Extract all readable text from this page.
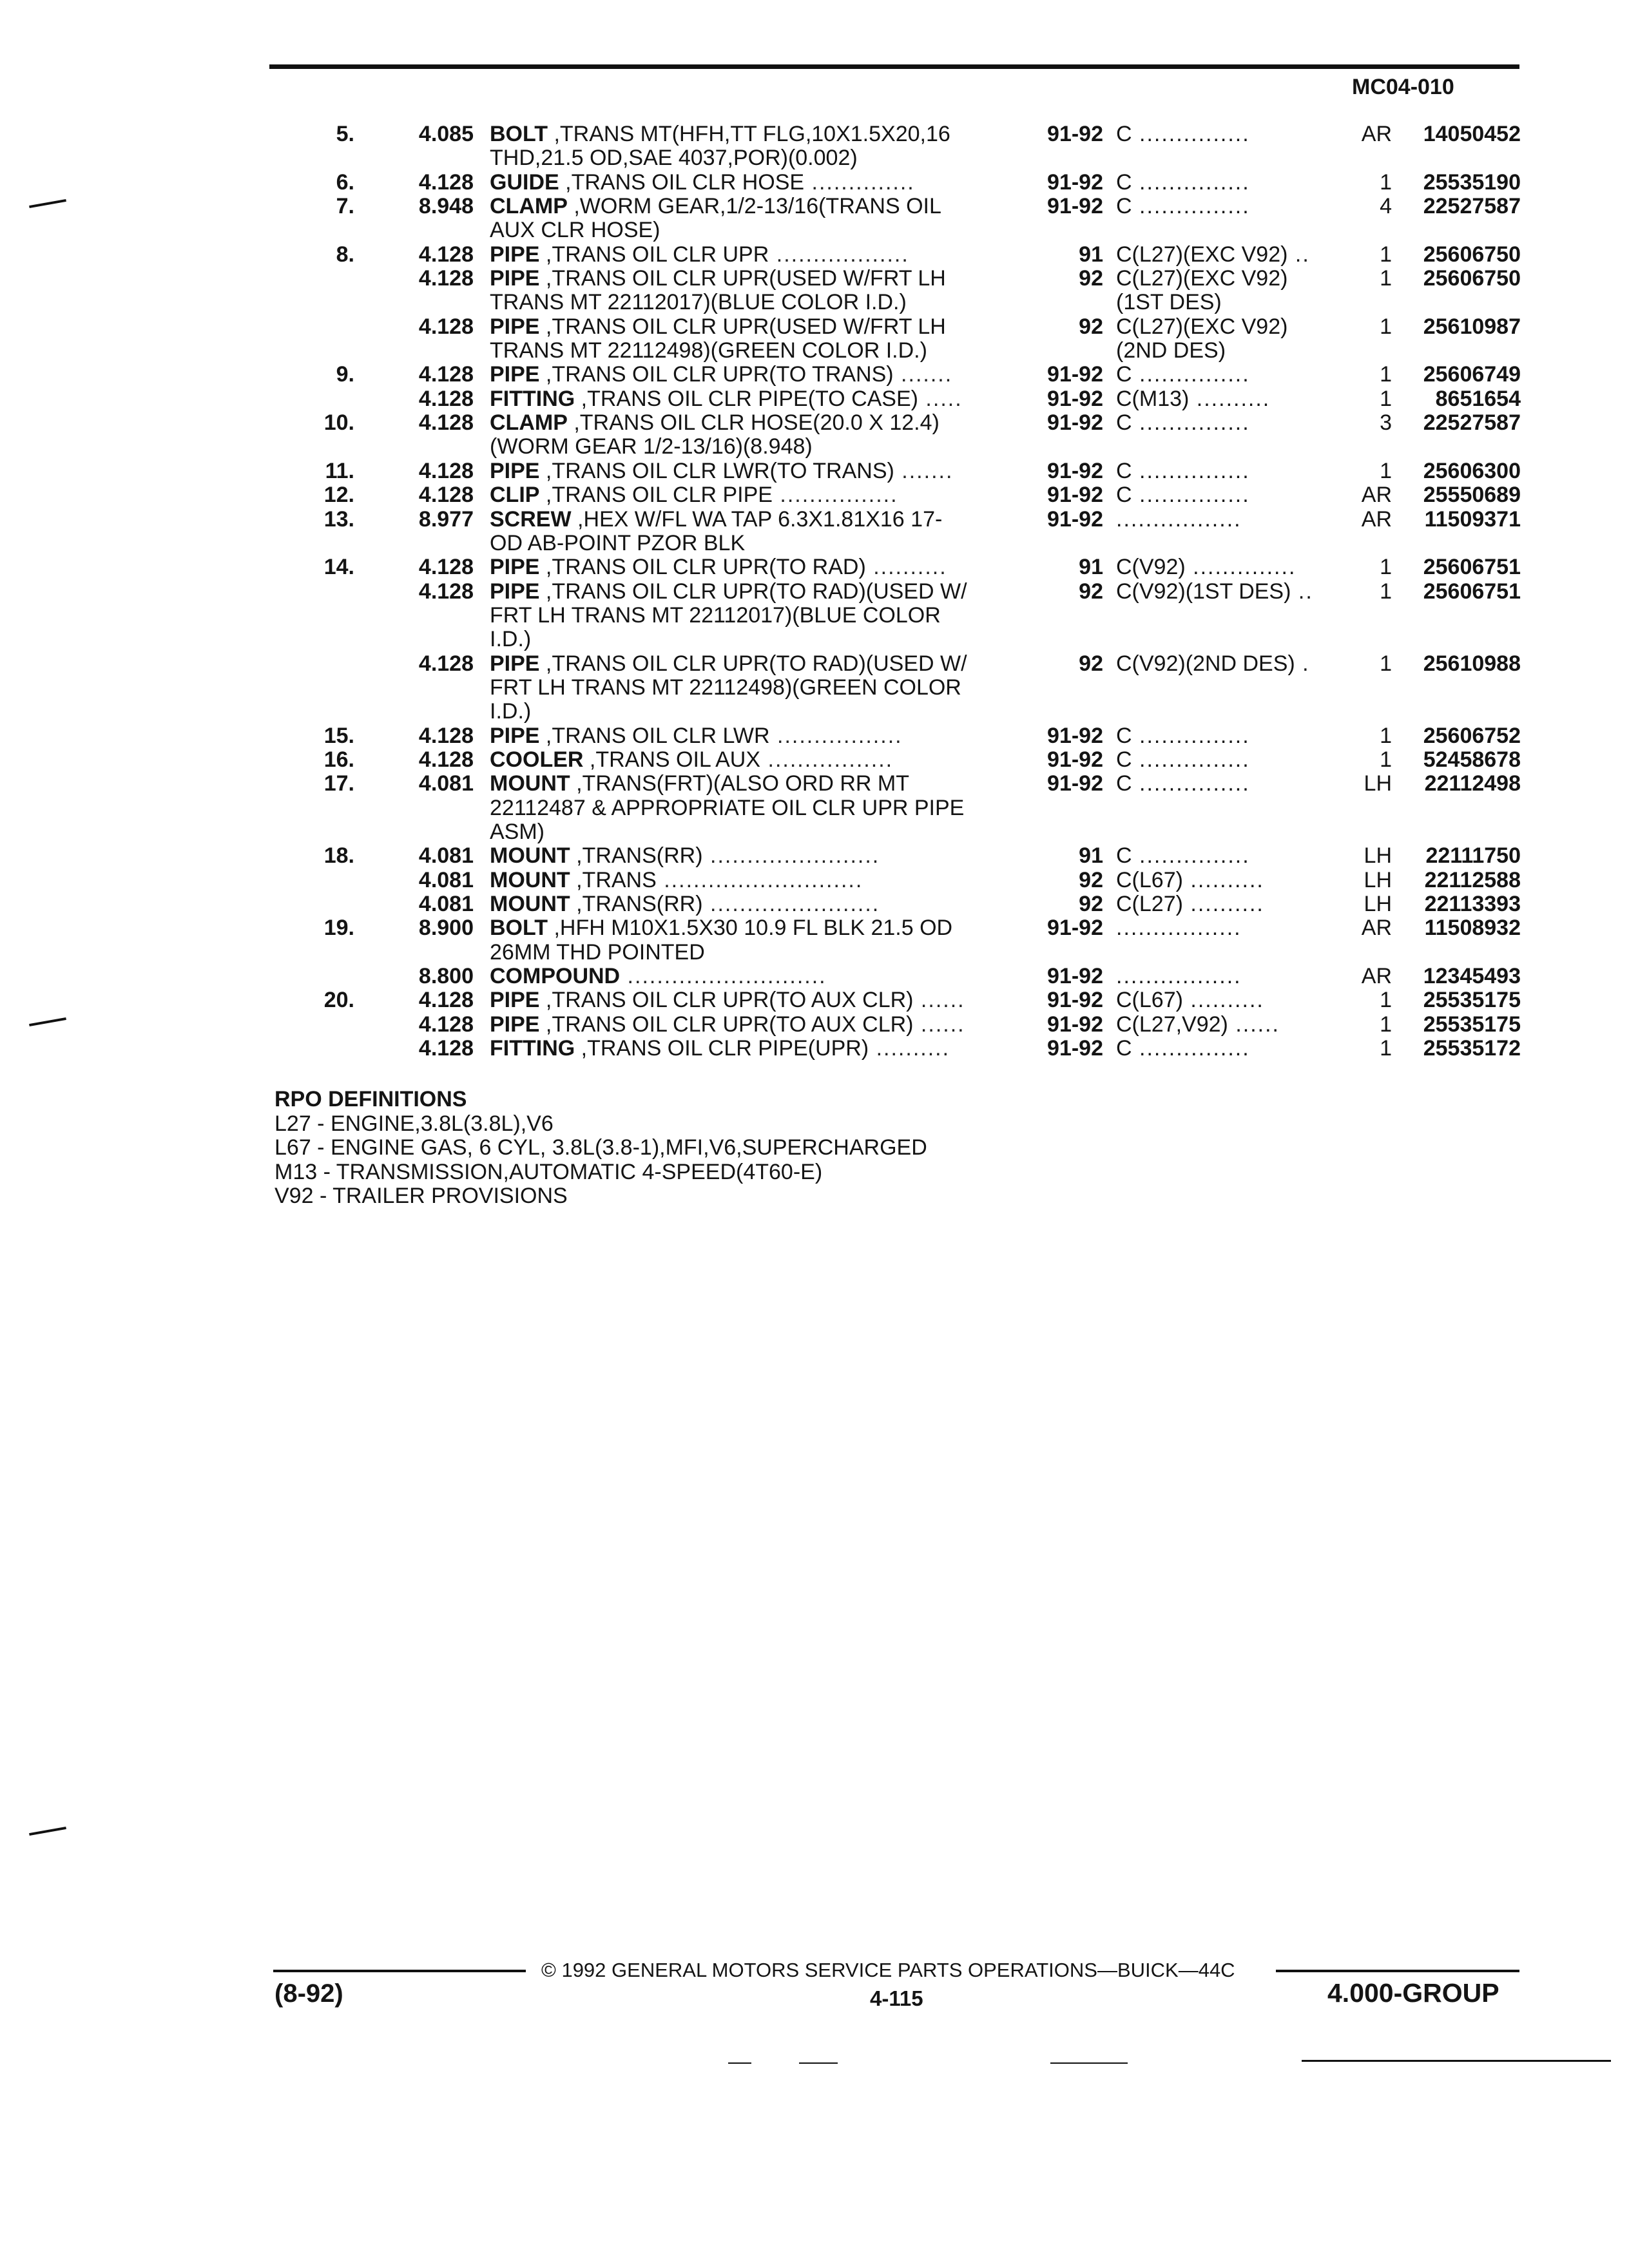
MC04-010
5.	4.085 BOLT ,TRANS MT(HFH,TT FLG,10X1.5X20,16	91-92 C ...............	AR	14050452
THD,21.5 OD,SAE 4037,POR)(0.002)
6.	4.128 GUIDE ,TRANS OIL CLR HOSE ..............	91-92 C ...............	1	25535190
7.	8.948 CLAMP ,WORM GEAR,1/2-13/16(TRANS OIL	91-92 C ...............	4	22527587
AUX CLR HOSE)
8.	4.128 PIPE ,TRANS OIL CLR UPR ..................	91 C(L27)(EXC V92) ..	1	25606750
4.128 PIPE ,TRANS OIL CLR UPR(USED W/FRT LH	92 C(L27)(EXC V92)	1	25606750
TRANS MT 22112017)(BLUE COLOR I.D.)	(1ST DES)
4.128 PIPE ,TRANS OIL CLR UPR(USED W/FRT LH	92 C(L27)(EXC V92)	1	25610987
TRANS MT 22112498)(GREEN COLOR I.D.)	(2ND DES)
9.	4.128 PIPE ,TRANS OIL CLR UPR(TO TRANS) .......	91-92 C ...............	1	25606749
4.128 FITTING ,TRANS OIL CLR PIPE(TO CASE) .....	91-92 C(M13) ..........	1	8651654
10.	4.128 CLAMP ,TRANS OIL CLR HOSE(20.0 X 12.4)	91-92 C ...............	3	22527587
(WORM GEAR 1/2-13/16)(8.948)
11.	4.128 PIPE ,TRANS OIL CLR LWR(TO TRANS) .......	91-92 C ...............	1	25606300
12.	4.128 CLIP ,TRANS OIL CLR PIPE ................	91-92 C ...............	AR	25550689
13.	8.977 SCREW ,HEX W/FL WA TAP 6.3X1.81X16 17-	91-92 .................	AR	11509371
OD AB-POINT PZOR BLK
14.	4.128 PIPE ,TRANS OIL CLR UPR(TO RAD) ..........	91 C(V92) ..............	1	25606751
4.128 PIPE ,TRANS OIL CLR UPR(TO RAD)(USED W/	92 C(V92)(1ST DES) ..	1	25606751
FRT LH TRANS MT 22112017)(BLUE COLOR
I.D.)
4.128 PIPE ,TRANS OIL CLR UPR(TO RAD)(USED W/	92 C(V92)(2ND DES) .	1	25610988
FRT LH TRANS MT 22112498)(GREEN COLOR
I.D.)
15.	4.128 PIPE ,TRANS OIL CLR LWR .................	91-92 C ...............	1	25606752
16.	4.128 COOLER ,TRANS OIL AUX .................	91-92 C ...............	1	52458678
17.	4.081 MOUNT ,TRANS(FRT)(ALSO ORD RR MT	91-92 C ...............	LH	22112498
22112487 & APPROPRIATE OIL CLR UPR PIPE
ASM)
18.	4.081 MOUNT ,TRANS(RR) .......................	91 C ...............	LH	22111750
4.081 MOUNT ,TRANS ...........................	92 C(L67) ..........	LH	22112588
4.081 MOUNT ,TRANS(RR) .......................	92 C(L27) ..........	LH	22113393
19.	8.900 BOLT ,HFH M10X1.5X30 10.9 FL BLK 21.5 OD	91-92 .................	AR	11508932
26MM THD POINTED
8.800 COMPOUND ...........................	91-92 .................	AR	12345493
20.	4.128 PIPE ,TRANS OIL CLR UPR(TO AUX CLR) ......	91-92 C(L67) ..........	1	25535175
4.128 PIPE ,TRANS OIL CLR UPR(TO AUX CLR) ......	91-92 C(L27,V92) ......	1	25535175
4.128 FITTING ,TRANS OIL CLR PIPE(UPR) ..........	91-92 C ...............	1	25535172
RPO DEFINITIONS
L27 - ENGINE,3.8L(3.8L),V6
L67 - ENGINE GAS, 6 CYL, 3.8L(3.8-1),MFI,V6,SUPERCHARGED
M13 - TRANSMISSION,AUTOMATIC 4-SPEED(4T60-E)
V92 - TRAILER PROVISIONS
© 1992 GENERAL MOTORS SERVICE PARTS OPERATIONS—BUICK—44C
(8-92)	4-115	4.000-GROUP
